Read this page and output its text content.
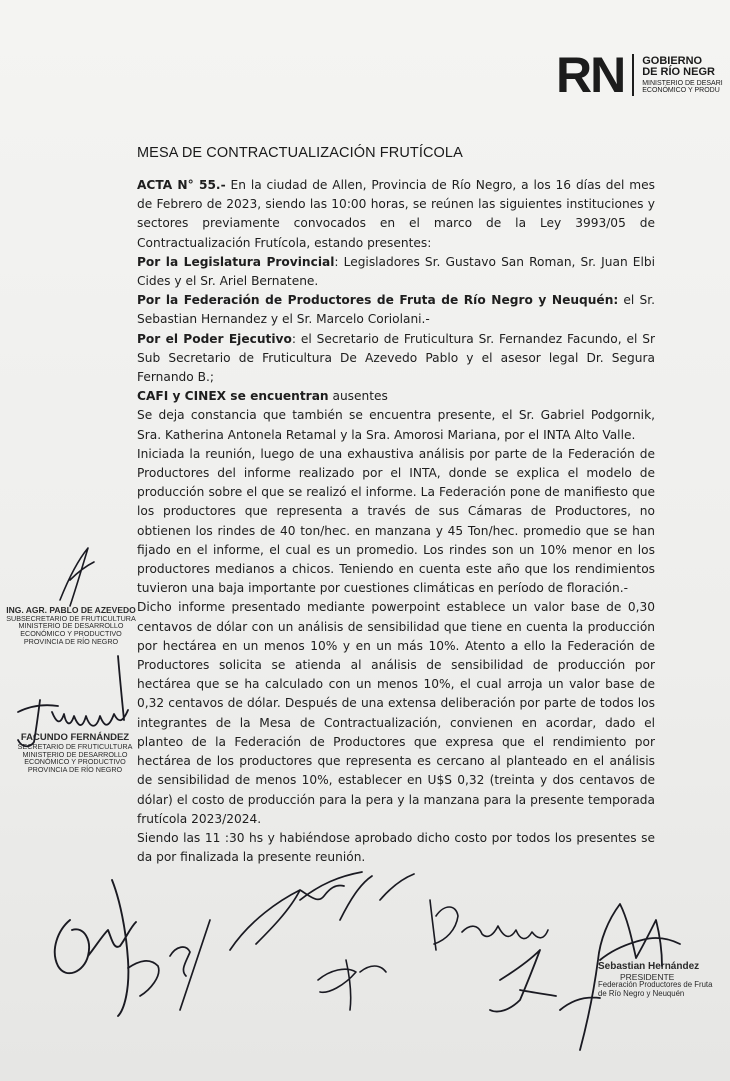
RN GOBIERNO
DE RÍO NEGR
MINISTERIO DE DESARI
ECONÓMICO Y PRODU
MESA DE CONTRACTUALIZACIÓN FRUTÍCOLA

ACTA N° 55.- En la ciudad de Allen, Provincia de Río Negro, a los 16 días del mes de Febrero de 2023, siendo las 10:00 horas, se reúnen las siguientes instituciones y sectores previamente convocados en el marco de la Ley 3993/05 de Contractualización Frutícola, estando presentes:

Por la Legislatura Provincial: Legisladores Sr. Gustavo San Roman, Sr. Juan Elbi Cides y el Sr. Ariel Bernatene.

Por la Federación de Productores de Fruta de Río Negro y Neuquén: el Sr. Sebastian Hernandez y el Sr. Marcelo Coriolani.-

Por el Poder Ejecutivo: el Secretario de Fruticultura Sr. Fernandez Facundo, el Sr Sub Secretario de Fruticultura De Azevedo Pablo y el asesor legal Dr. Segura Fernando B.;

CAFI y CINEX se encuentran ausentes

Se deja constancia que también se encuentra presente, el Sr. Gabriel Podgornik, Sra. Katherina Antonela Retamal y la Sra. Amorosi Mariana, por el INTA Alto Valle.

Iniciada la reunión, luego de una exhaustiva análisis por parte de la Federación de Productores del informe realizado por el INTA, donde se explica el modelo de producción sobre el que se realizó el informe. La Federación pone de manifiesto que los productores que representa a través de sus Cámaras de Productores, no obtienen los rindes de 40 ton/hec. en manzana y 45 Ton/hec. promedio que se han fijado en el informe, el cual es un promedio. Los rindes son un 10% menor en los productores medianos a chicos. Teniendo en cuenta este año que los rendimientos tuvieron una baja importante por cuestiones climáticas en período de floración.-

Dicho informe presentado mediante powerpoint establece un valor base de 0,30 centavos de dólar con un análisis de sensibilidad que tiene en cuenta la producción por hectárea en un menos 10% y en un más 10%. Atento a ello la Federación de Productores solicita se atienda al análisis de sensibilidad de producción por hectárea que se ha calculado con un menos 10%, el cual arroja un valor base de 0,32 centavos de dólar. Después de una extensa deliberación por parte de todos los integrantes de la Mesa de Contractualización, convienen en acordar, dado el planteo de la Federación de Productores que expresa que el rendimiento por hectárea de los productores que representa es cercano al planteado en el análisis de sensibilidad de menos 10%, establecer en U$S 0,32 (treinta y dos centavos de dólar) el costo de producción para la pera y la manzana para la presente temporada frutícola 2023/2024.

Siendo las 11 :30 hs y habiéndose aprobado dicho costo por todos los presentes se da por finalizada la presente reunión.

ING. AGR. PABLO DE AZEVEDO
SUBSECRETARIO DE FRUTICULTURA
MINISTERIO DE DESARROLLO
ECONÓMICO Y PRODUCTIVO
PROVINCIA DE RÍO NEGRO
FACUNDO FERNÁNDEZ
SECRETARIO DE FRUTICULTURA
MINISTERIO DE DESARROLLO
ECONÓMICO Y PRODUCTIVO
PROVINCIA DE RÍO NEGRO
Sebastian Hernández
PRESIDENTE
Federación Productores de Fruta
de Río Negro y Neuquén
